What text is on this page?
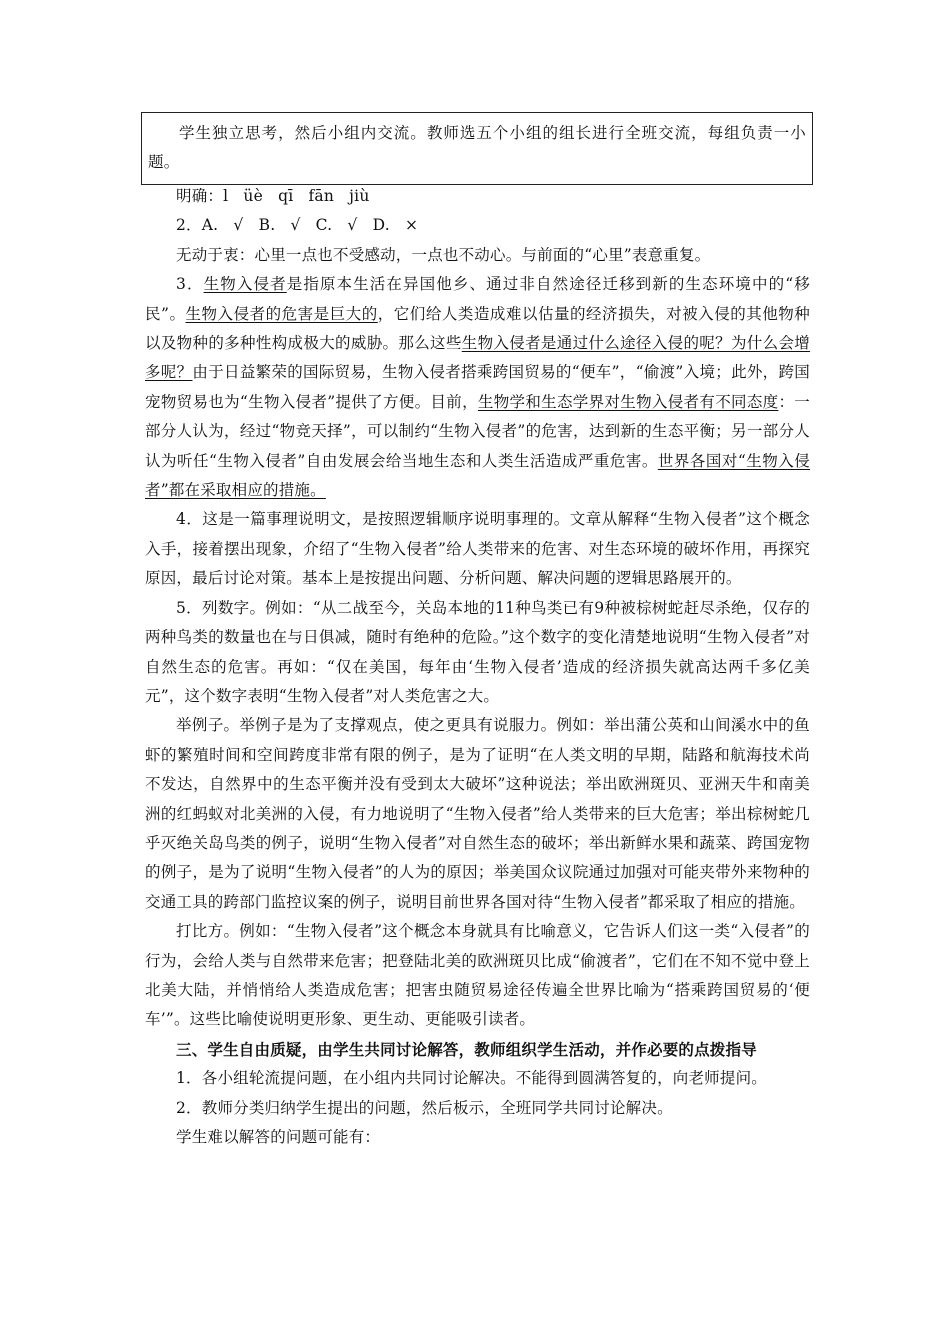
学生独立思考，然后小组内交流。教师选五个小组的组长进行全班交流，每组负责一小题。

明确：l üè qī fān jiù

2．A. √ B. √ C. √ D. ×

无动于衷：心里一点也不受感动，一点也不动心。与前面的“心里”表意重复。

3．生物入侵者是指原本生活在异国他乡、通过非自然途径迁移到新的生态环境中的“移民”。生物入侵者的危害是巨大的，它们给人类造成难以估量的经济损失，对被入侵的其他物种以及物种的多种性构成极大的威胁。那么这些生物入侵者是通过什么途径入侵的呢？为什么会增多呢？由于日益繁荣的国际贸易，生物入侵者搭乘跨国贸易的“便车”，“偷渡”入境；此外，跨国宠物贸易也为“生物入侵者”提供了方便。目前，生物学和生态学界对生物入侵者有不同态度：一部分人认为，经过“物竞天择”，可以制约“生物入侵者”的危害，达到新的生态平衡；另一部分人认为听任“生物入侵者”自由发展会给当地生态和人类生活造成严重危害。世界各国对“生物入侵者”都在采取相应的措施。

4．这是一篇事理说明文，是按照逻辑顺序说明事理的。文章从解释“生物入侵者”这个概念入手，接着摆出现象，介绍了“生物入侵者”给人类带来的危害、对生态环境的破坏作用，再探究原因，最后讨论对策。基本上是按提出问题、分析问题、解决问题的逻辑思路展开的。

5．列数字。例如：“从二战至今，关岛本地的11种鸟类已有9种被棕树蛇赶尽杀绝，仅存的两种鸟类的数量也在与日俱减，随时有绝种的危险。”这个数字的变化清楚地说明“生物入侵者”对自然生态的危害。再如：“仅在美国，每年由‘生物入侵者’造成的经济损失就高达两千多亿美元”，这个数字表明“生物入侵者”对人类危害之大。

举例子。举例子是为了支撑观点，使之更具有说服力。例如：举出蒲公英和山间溪水中的鱼虾的繁殖时间和空间跨度非常有限的例子，是为了证明“在人类文明的早期，陆路和航海技术尚不发达，自然界中的生态平衡并没有受到太大破坏”这种说法；举出欧洲斑贝、亚洲天牛和南美洲的红蚂蚁对北美洲的入侵，有力地说明了“生物入侵者”给人类带来的巨大危害；举出棕树蛇几乎灭绝关岛鸟类的例子，说明“生物入侵者”对自然生态的破坏；举出新鲜水果和蔬菜、跨国宠物的例子，是为了说明“生物入侵者”的人为的原因；举美国众议院通过加强对可能夹带外来物种的交通工具的跨部门监控议案的例子，说明目前世界各国对待“生物入侵者”都采取了相应的措施。

打比方。例如：“生物入侵者”这个概念本身就具有比喻意义，它告诉人们这一类“入侵者”的行为，会给人类与自然带来危害；把登陆北美的欧洲斑贝比成“偷渡者”，它们在不知不觉中登上北美大陆，并悄悄给人类造成危害；把害虫随贸易途径传遍全世界比喻为“搭乘跨国贸易的‘便车’”。这些比喻使说明更形象、更生动、更能吸引读者。

三、学生自由质疑，由学生共同讨论解答，教师组织学生活动，并作必要的点拨指导

1．各小组轮流提问题，在小组内共同讨论解决。不能得到圆满答复的，向老师提问。

2．教师分类归纳学生提出的问题，然后板示，全班同学共同讨论解决。

学生难以解答的问题可能有：
